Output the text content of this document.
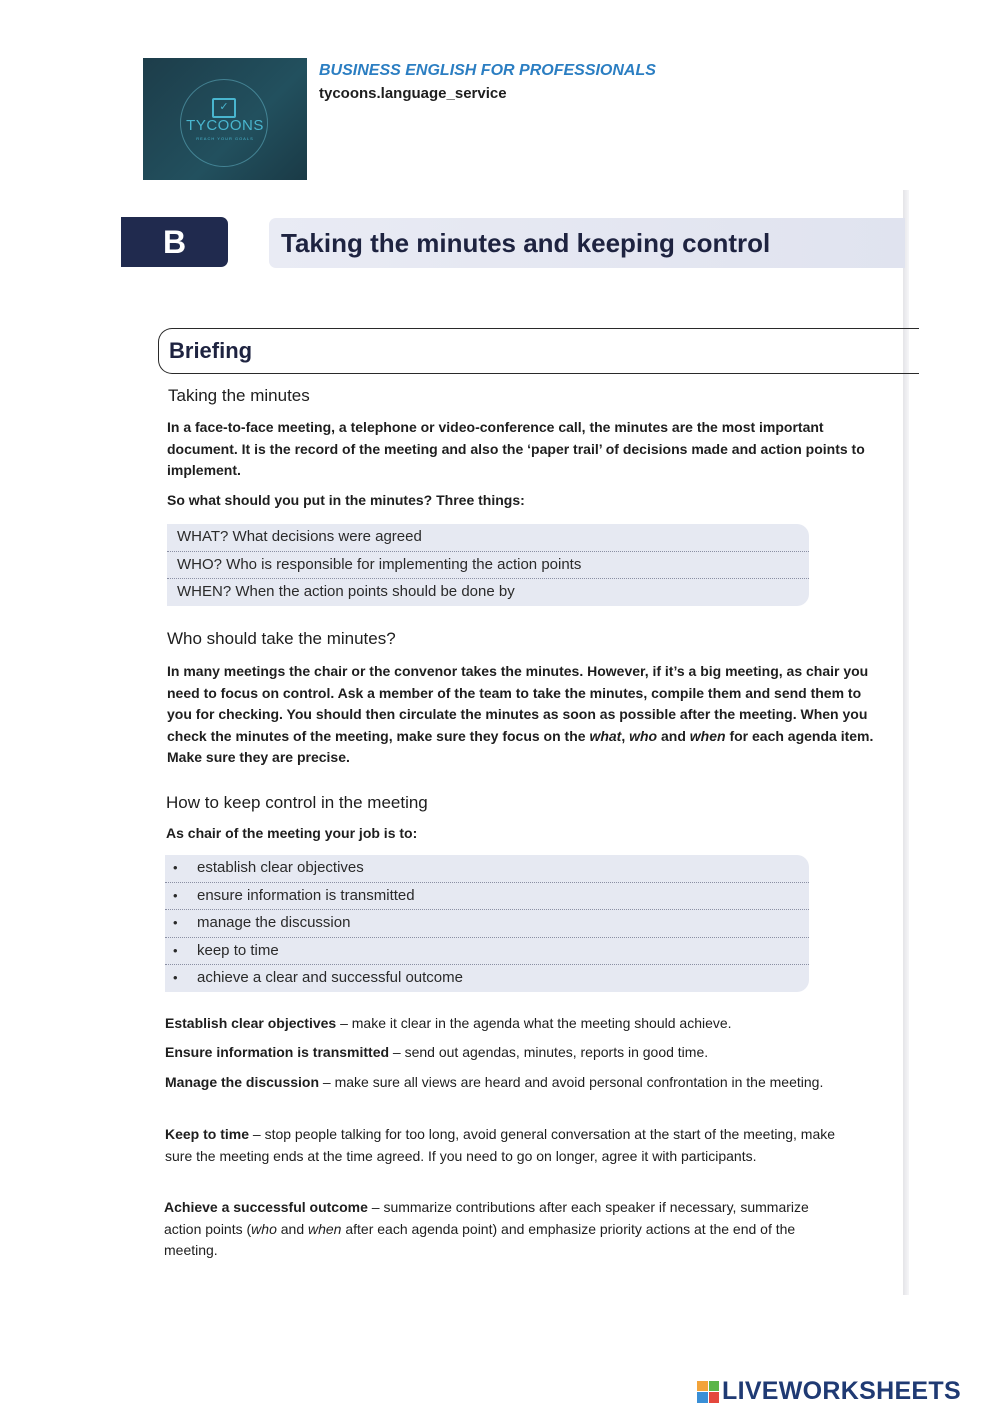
✓
TYCOONS
REACH YOUR GOALS
BUSINESS ENGLISH FOR PROFESSIONALS
tycoons.language_service
B	Taking the minutes and keeping control
Briefing
Taking the minutes

In a face-to-face meeting, a telephone or video-conference call, the minutes are the most important document. It is the record of the meeting and also the ‘paper trail’ of decisions made and action points to implement.

So what should you put in the minutes? Three things:

WHAT? What decisions were agreed
WHO? Who is responsible for implementing the action points
WHEN? When the action points should be done by
Who should take the minutes?

In many meetings the chair or the convenor takes the minutes. However, if it’s a big meeting, as chair you need to focus on control. Ask a member of the team to take the minutes, compile them and send them to you for checking. You should then circulate the minutes as soon as possible after the meeting. When you check the minutes of the meeting, make sure they focus on the what, who and when for each agenda item. Make sure they are precise.

How to keep control in the meeting

As chair of the meeting your job is to:

• establish clear objectives
• ensure information is transmitted
• manage the discussion
• keep to time
• achieve a clear and successful outcome

Establish clear objectives – make it clear in the agenda what the meeting should achieve.

Ensure information is transmitted – send out agendas, minutes, reports in good time.

Manage the discussion – make sure all views are heard and avoid personal confrontation in the meeting.

Keep to time – stop people talking for too long, avoid general conversation at the start of the meeting, make sure the meeting ends at the time agreed. If you need to go on longer, agree it with participants.

Achieve a successful outcome – summarize contributions after each speaker if necessary, summarize action points (who and when after each agenda point) and emphasize priority actions at the end of the meeting.

LIVEWORKSHEETS
